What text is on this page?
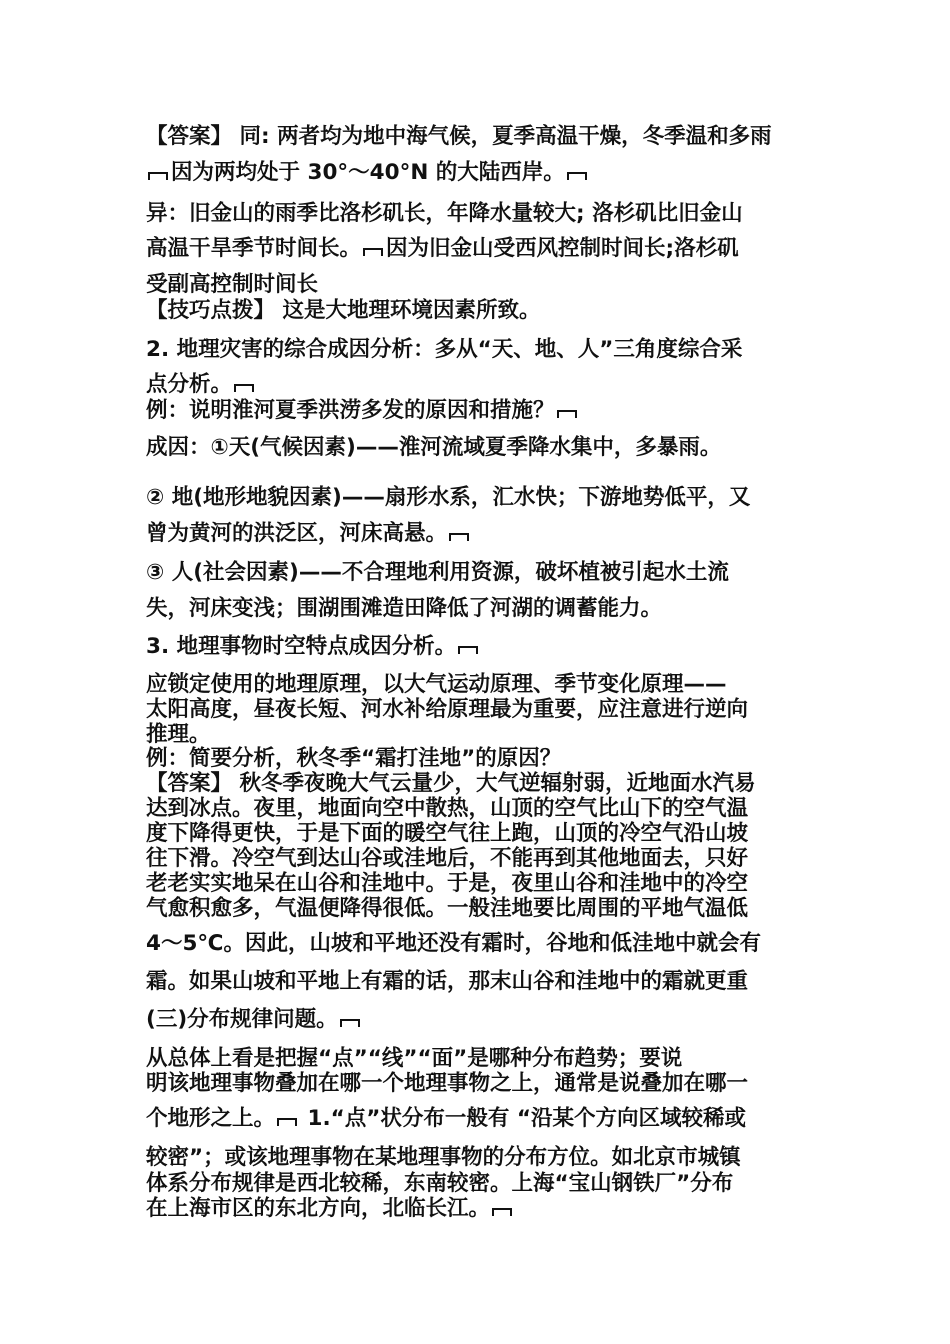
【答案】 同: 两者均为地中海气候，夏季高温干燥，冬季温和多雨
因为两均处于 30°～40°N 的大陆西岸。
异：旧金山的雨季比洛杉矶长，年降水量较大; 洛杉矶比旧金山
高温干旱季节时间长。 因为旧金山受西风控制时间长;洛杉矶
受副高控制时间长
【技巧点拨】 这是大地理环境因素所致。
2. 地理灾害的综合成因分析：多从“天、地、人”三角度综合采
点分析。
例：说明淮河夏季洪涝多发的原因和措施？
成因：①天(气候因素)——淮河流域夏季降水集中，多暴雨。
② 地(地形地貌因素)——扇形水系，汇水快；下游地势低平，又
曾为黄河的洪泛区，河床高悬。
③ 人(社会因素)——不合理地利用资源，破坏植被引起水土流
失，河床变浅；围湖围滩造田降低了河湖的调蓄能力。
3. 地理事物时空特点成因分析。
应锁定使用的地理原理，以大气运动原理、季节变化原理——
太阳高度，昼夜长短、河水补给原理最为重要，应注意进行逆向
推理。
例：简要分析，秋冬季“霜打洼地”的原因？
【答案】 秋冬季夜晚大气云量少，大气逆辐射弱，近地面水汽易
达到冰点。夜里，地面向空中散热，山顶的空气比山下的空气温
度下降得更快，于是下面的暖空气往上跑，山顶的冷空气沿山坡
往下滑。冷空气到达山谷或洼地后，不能再到其他地面去，只好
老老实实地呆在山谷和洼地中。于是，夜里山谷和洼地中的冷空
气愈积愈多，气温便降得很低。一般洼地要比周围的平地气温低
4～5℃。因此，山坡和平地还没有霜时，谷地和低洼地中就会有
霜。如果山坡和平地上有霜的话，那末山谷和洼地中的霜就更重
(三)分布规律问题。
从总体上看是把握“点”“线”“面”是哪种分布趋势；要说
明该地理事物叠加在哪一个地理事物之上，通常是说叠加在哪一
个地形之上。 1.“点”状分布一般有 “沿某个方向区域较稀或
较密”；或该地理事物在某地理事物的分布方位。如北京市城镇
体系分布规律是西北较稀，东南较密。上海“宝山钢铁厂”分布
在上海市区的东北方向，北临长江。
